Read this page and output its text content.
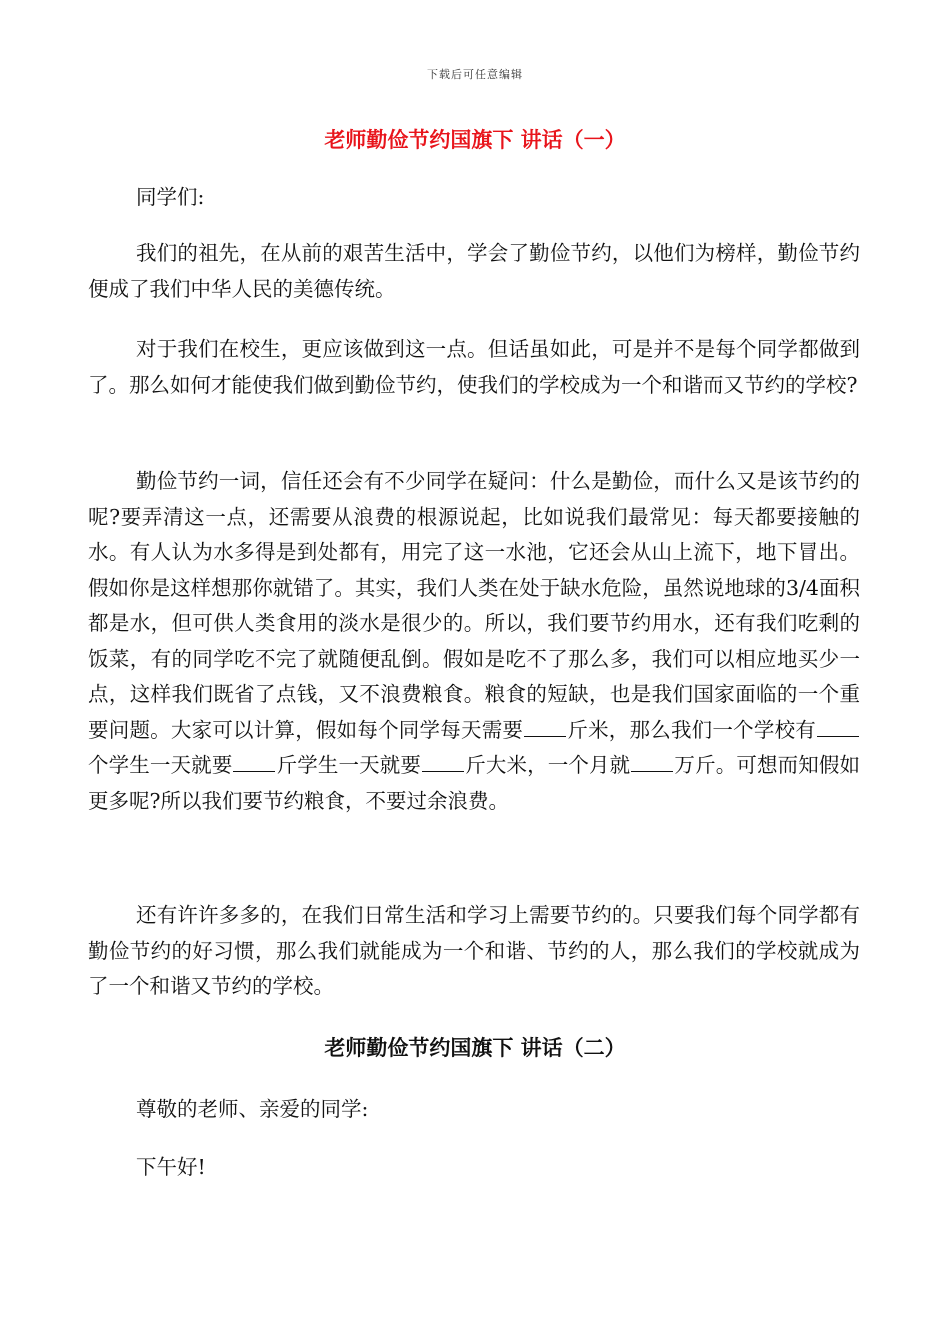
下载后可任意编辑
老师勤俭节约国旗下 讲话（一）

同学们:

我们的祖先，在从前的艰苦生活中，学会了勤俭节约，以他们为榜样，勤俭节约便成了我们中华人民的美德传统。

对于我们在校生，更应该做到这一点。但话虽如此，可是并不是每个同学都做到了。那么如何才能使我们做到勤俭节约，使我们的学校成为一个和谐而又节约的学校?

勤俭节约一词，信任还会有不少同学在疑问：什么是勤俭，而什么又是该节约的呢?要弄清这一点，还需要从浪费的根源说起，比如说我们最常见：每天都要接触的水。有人认为水多得是到处都有，用完了这一水池，它还会从山上流下，地下冒出。假如你是这样想那你就错了。其实，我们人类在处于缺水危险，虽然说地球的3/4面积都是水，但可供人类食用的淡水是很少的。所以，我们要节约用水，还有我们吃剩的饭菜，有的同学吃不完了就随便乱倒。假如是吃不了那么多，我们可以相应地买少一点，这样我们既省了点钱，又不浪费粮食。粮食的短缺，也是我们国家面临的一个重要问题。大家可以计算，假如每个同学每天需要 斤米，那么我们一个学校有个学生一天就要 斤学生一天就要 斤大米，一个月就 万斤。可想而知假如更多呢?所以我们要节约粮食，不要过余浪费。

还有许许多多的，在我们日常生活和学习上需要节约的。只要我们每个同学都有勤俭节约的好习惯，那么我们就能成为一个和谐、节约的人，那么我们的学校就成为了一个和谐又节约的学校。

老师勤俭节约国旗下 讲话（二）

尊敬的老师、亲爱的同学:

下午好!
